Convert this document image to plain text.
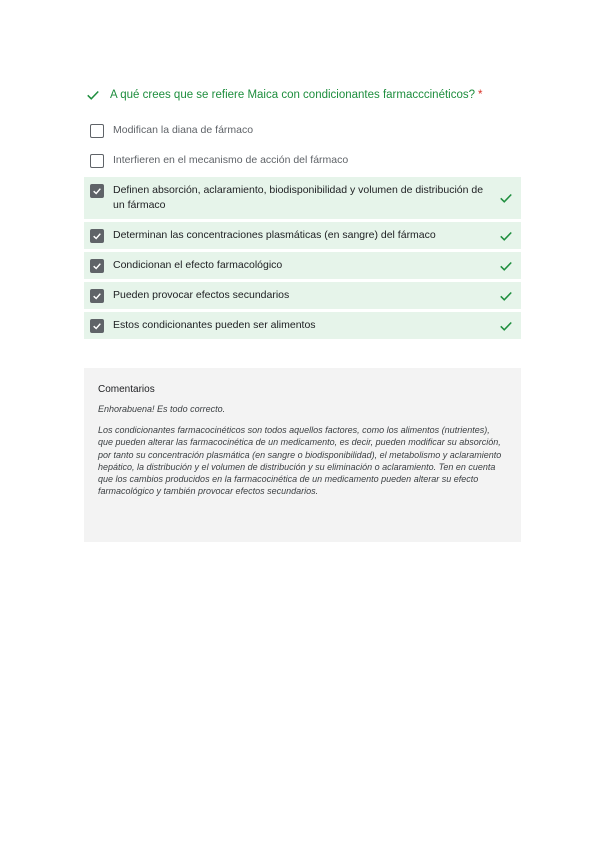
A qué crees que se refiere Maica con condicionantes farmacccinéticos? *
Modifican la diana de fármaco
Interfieren en el mecanismo de acción del fármaco
Definen absorción, aclaramiento, biodisponibilidad y volumen de distribución de un fármaco
Determinan las concentraciones plasmáticas (en sangre) del fármaco
Condicionan el efecto farmacológico
Pueden provocar efectos secundarios
Estos condicionantes pueden ser alimentos
Comentarios
Enhorabuena! Es todo correcto.
Los condicionantes farmacocinéticos son todos aquellos factores, como los alimentos (nutrientes), que pueden alterar las farmacocinética de un medicamento, es decir, pueden modificar su absorción, por tanto su concentración plasmática (en sangre o biodisponibilidad), el metabolismo y aclaramiento hepático, la distribución y el volumen de distribución y su eliminación o aclaramiento. Ten en cuenta que los cambios producidos en la farmacocinética de un medicamento pueden alterar su efecto farmacológico y también provocar efectos secundarios.
